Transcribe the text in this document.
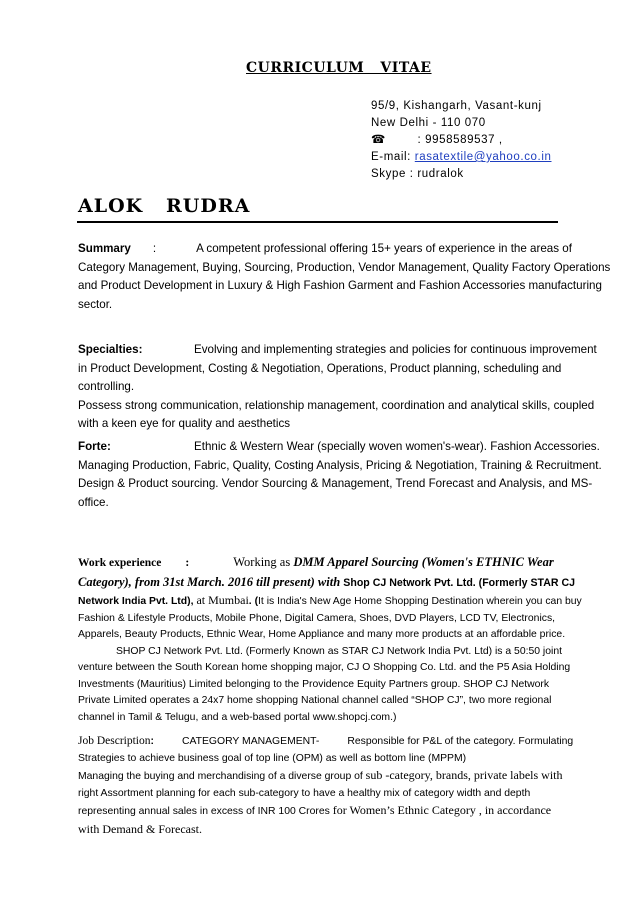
CURRICULUM   VITAE
95/9, Kishangarh, Vasant-kunj
New Delhi - 110 070
☎	: 9958589537 ,
E-mail: rasatextile@yahoo.co.in
Skype : rudralok
ALOK   RUDRA
Summary :	A competent professional offering 15+ years of experience in the areas of
Category Management, Buying, Sourcing, Production, Vendor Management, Quality Factory Operations
and Product Development in Luxury & High Fashion Garment and Fashion Accessories manufacturing
sector.
Specialties:	Evolving and implementing strategies and policies for continuous improvement
in Product Development, Costing & Negotiation, Operations, Product planning, scheduling and
controlling.
Possess strong communication, relationship management, coordination and analytical skills, coupled
with a keen eye for quality and aesthetics
Forte:	Ethnic & Western Wear (specially woven women's-wear). Fashion Accessories.
Managing Production, Fabric, Quality, Costing Analysis, Pricing & Negotiation, Training & Recruitment.
Design & Product sourcing. Vendor Sourcing & Management, Trend Forecast and Analysis, and MS-
office.
Work experience :	Working as DMM Apparel Sourcing (Women's ETHNIC Wear
Category), from 31st March. 2016 till present) with Shop CJ Network Pvt. Ltd. (Formerly STAR CJ
Network India Pvt. Ltd), at Mumbai. (It is India's New Age Home Shopping Destination wherein you can buy
Fashion & Lifestyle Products, Mobile Phone, Digital Camera, Shoes, DVD Players, LCD TV, Electronics,
Apparels, Beauty Products, Ethnic Wear, Home Appliance and many more products at an affordable price.
SHOP CJ Network Pvt. Ltd. (Formerly Known as STAR CJ Network India Pvt. Ltd) is a 50:50 joint
venture between the South Korean home shopping major, CJ O Shopping Co. Ltd. and the P5 Asia Holding
Investments (Mauritius) Limited belonging to the Providence Equity Partners group. SHOP CJ Network
Private Limited operates a 24x7 home shopping National channel called “SHOP CJ”, two more regional
channel in Tamil & Telugu, and a web-based portal www.shopcj.com.)
Job Description:	CATEGORY MANAGEMENT-	Responsible for P&L of the category. Formulating
Strategies to achieve business goal of top line (OPM) as well as bottom line (MPPM)
Managing the buying and merchandising of a diverse group of sub -category, brands, private labels with
right Assortment planning for each sub-category to have a healthy mix of category width and depth
representing annual sales in excess of INR 100 Crores for Women’s Ethnic Category , in accordance
with Demand & Forecast.
